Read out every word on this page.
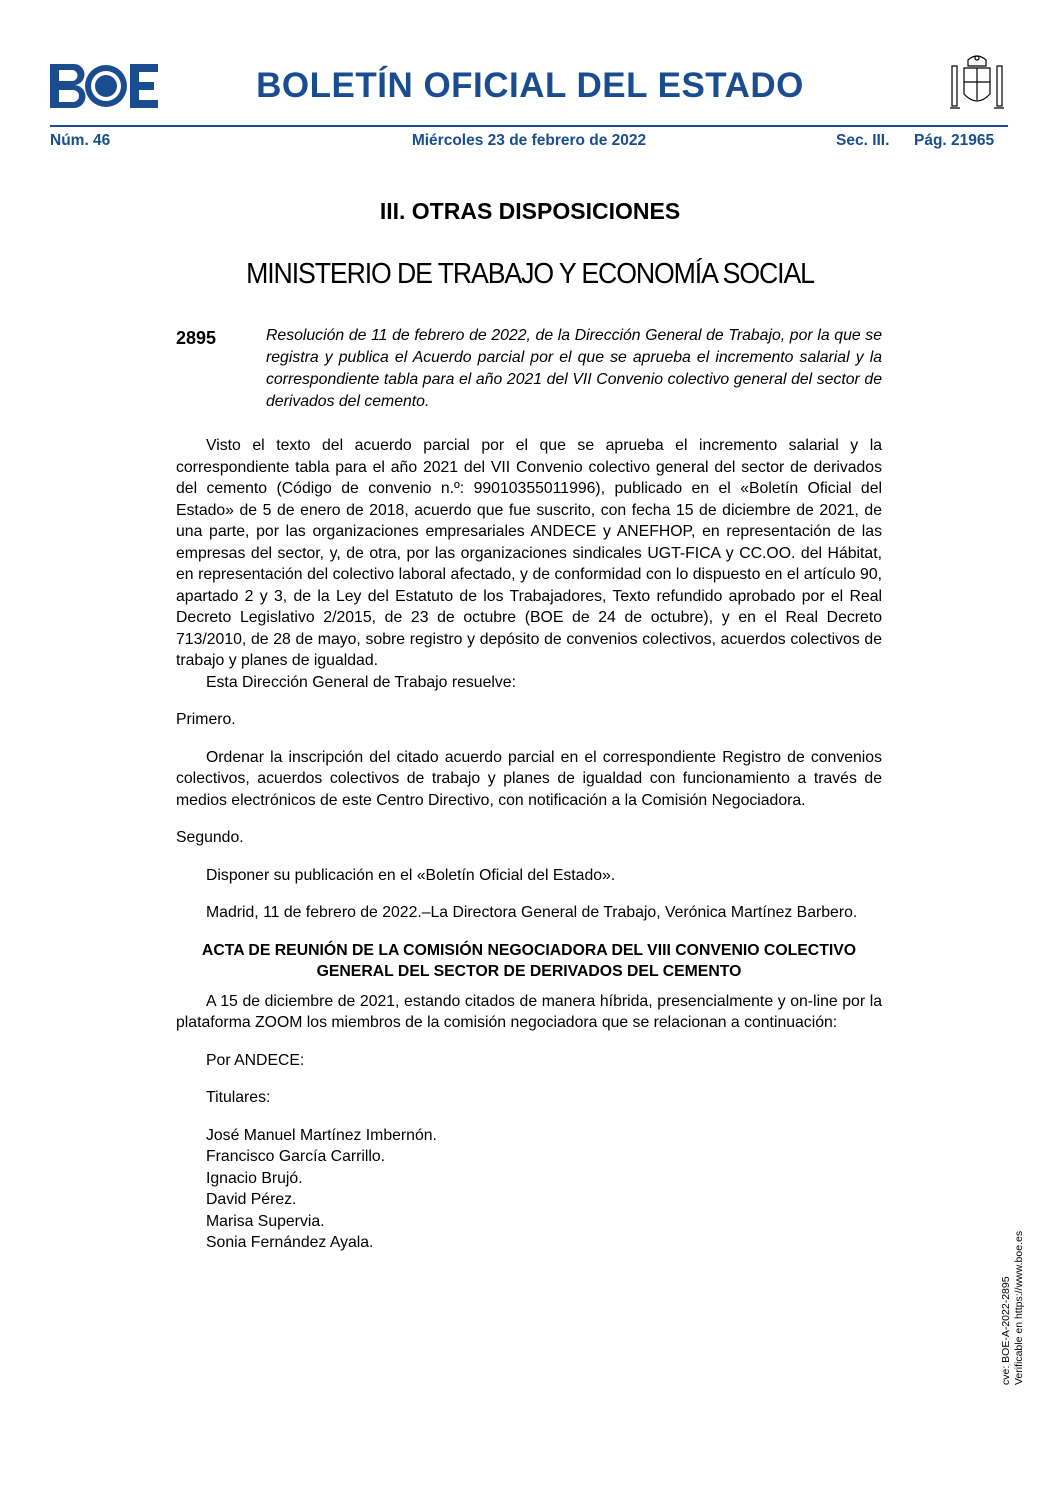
BOLETÍN OFICIAL DEL ESTADO
Núm. 46	Miércoles 23 de febrero de 2022	Sec. III. Pág. 21965
III. OTRAS DISPOSICIONES
MINISTERIO DE TRABAJO Y ECONOMÍA SOCIAL
2895	Resolución de 11 de febrero de 2022, de la Dirección General de Trabajo, por la que se registra y publica el Acuerdo parcial por el que se aprueba el incremento salarial y la correspondiente tabla para el año 2021 del VII Convenio colectivo general del sector de derivados del cemento.

Visto el texto del acuerdo parcial por el que se aprueba el incremento salarial y la correspondiente tabla para el año 2021 del VII Convenio colectivo general del sector de derivados del cemento (Código de convenio n.º: 99010355011996), publicado en el «Boletín Oficial del Estado» de 5 de enero de 2018, acuerdo que fue suscrito, con fecha 15 de diciembre de 2021, de una parte, por las organizaciones empresariales ANDECE y ANEFHOP, en representación de las empresas del sector, y, de otra, por las organizaciones sindicales UGT-FICA y CC.OO. del Hábitat, en representación del colectivo laboral afectado, y de conformidad con lo dispuesto en el artículo 90, apartado 2 y 3, de la Ley del Estatuto de los Trabajadores, Texto refundido aprobado por el Real Decreto Legislativo 2/2015, de 23 de octubre (BOE de 24 de octubre), y en el Real Decreto 713/2010, de 28 de mayo, sobre registro y depósito de convenios colectivos, acuerdos colectivos de trabajo y planes de igualdad.

Esta Dirección General de Trabajo resuelve:

Primero.

Ordenar la inscripción del citado acuerdo parcial en el correspondiente Registro de convenios colectivos, acuerdos colectivos de trabajo y planes de igualdad con funcionamiento a través de medios electrónicos de este Centro Directivo, con notificación a la Comisión Negociadora.

Segundo.

Disponer su publicación en el «Boletín Oficial del Estado».

Madrid, 11 de febrero de 2022.–La Directora General de Trabajo, Verónica Martínez Barbero.

ACTA DE REUNIÓN DE LA COMISIÓN NEGOCIADORA DEL VIII CONVENIO COLECTIVO GENERAL DEL SECTOR DE DERIVADOS DEL CEMENTO

A 15 de diciembre de 2021, estando citados de manera híbrida, presencialmente y on-line por la plataforma ZOOM los miembros de la comisión negociadora que se relacionan a continuación:

Por ANDECE:

Titulares:

José Manuel Martínez Imbernón.

Francisco García Carrillo.

Ignacio Brujó.

David Pérez.

Marisa Supervia.

Sonia Fernández Ayala.

cve: BOE-A-2022-2895 Verificable en https://www.boe.es
